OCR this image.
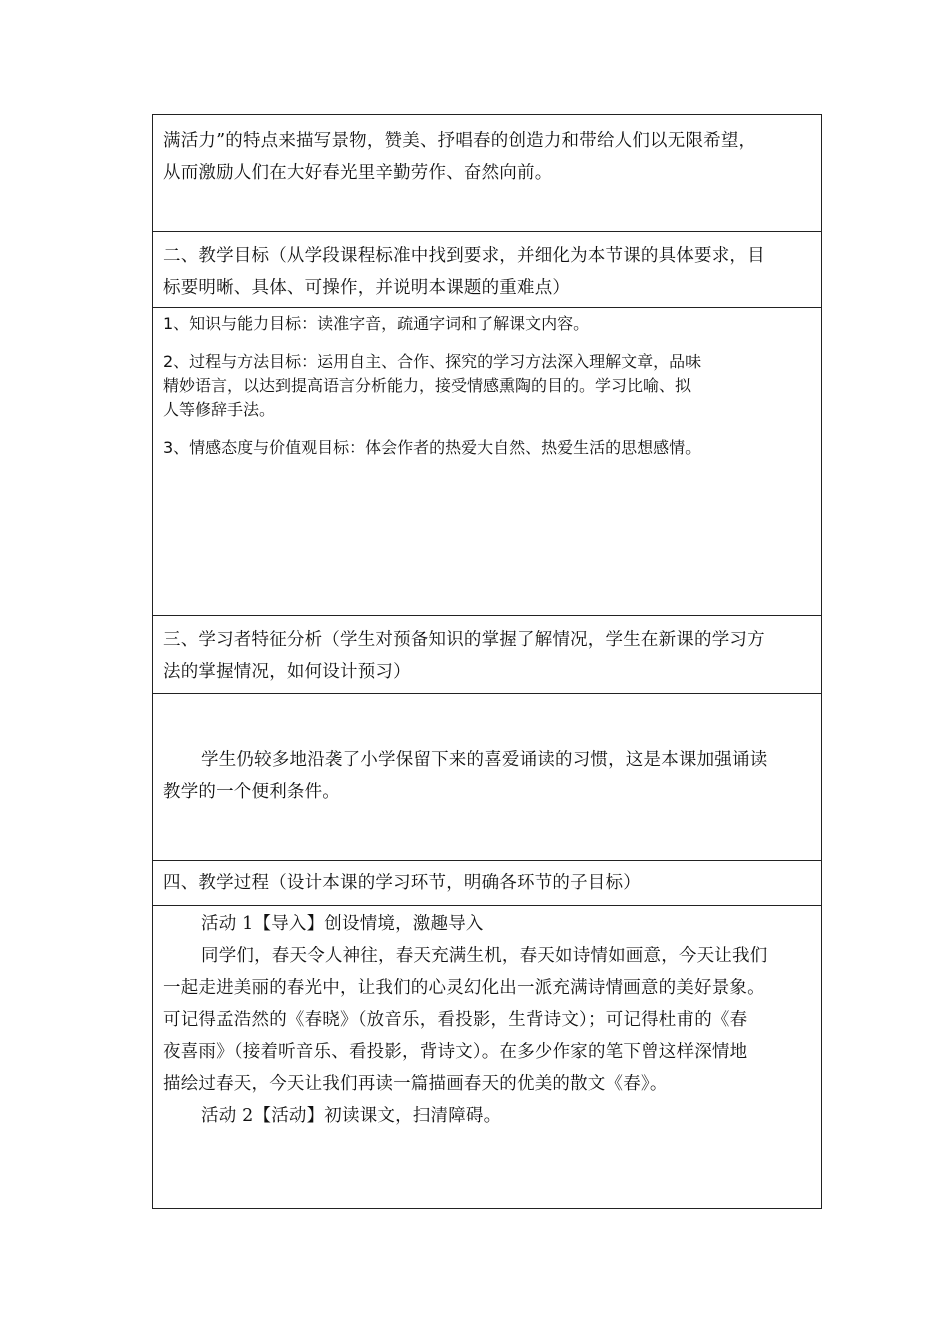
满活力”的特点来描写景物，赞美、抒唱春的创造力和带给人们以无限希望，
从而激励人们在大好春光里辛勤劳作、奋然向前。
二、教学目标（从学段课程标准中找到要求，并细化为本节课的具体要求，目
标要明晰、具体、可操作，并说明本课题的重难点）
1、知识与能力目标：读准字音，疏通字词和了解课文内容。
2、过程与方法目标：运用自主、合作、探究的学习方法深入理解文章，品味
精妙语言，以达到提高语言分析能力，接受情感熏陶的目的。学习比喻、拟
人等修辞手法。
3、情感态度与价值观目标：体会作者的热爱大自然、热爱生活的思想感情。
三、学习者特征分析（学生对预备知识的掌握了解情况，学生在新课的学习方
法的掌握情况，如何设计预习）
学生仍较多地沿袭了小学保留下来的喜爱诵读的习惯，这是本课加强诵读
教学的一个便利条件。
四、教学过程（设计本课的学习环节，明确各环节的子目标）
活动 1【导入】创设情境，激趣导入
同学们，春天令人神往，春天充满生机，春天如诗情如画意，今天让我们
一起走进美丽的春光中，让我们的心灵幻化出一派充满诗情画意的美好景象。
可记得孟浩然的《春晓》（放音乐，看投影，生背诗文）；可记得杜甫的《春
夜喜雨》（接着听音乐、看投影，背诗文）。在多少作家的笔下曾这样深情地
描绘过春天，今天让我们再读一篇描画春天的优美的散文《春》。
活动 2【活动】初读课文，扫清障碍。
